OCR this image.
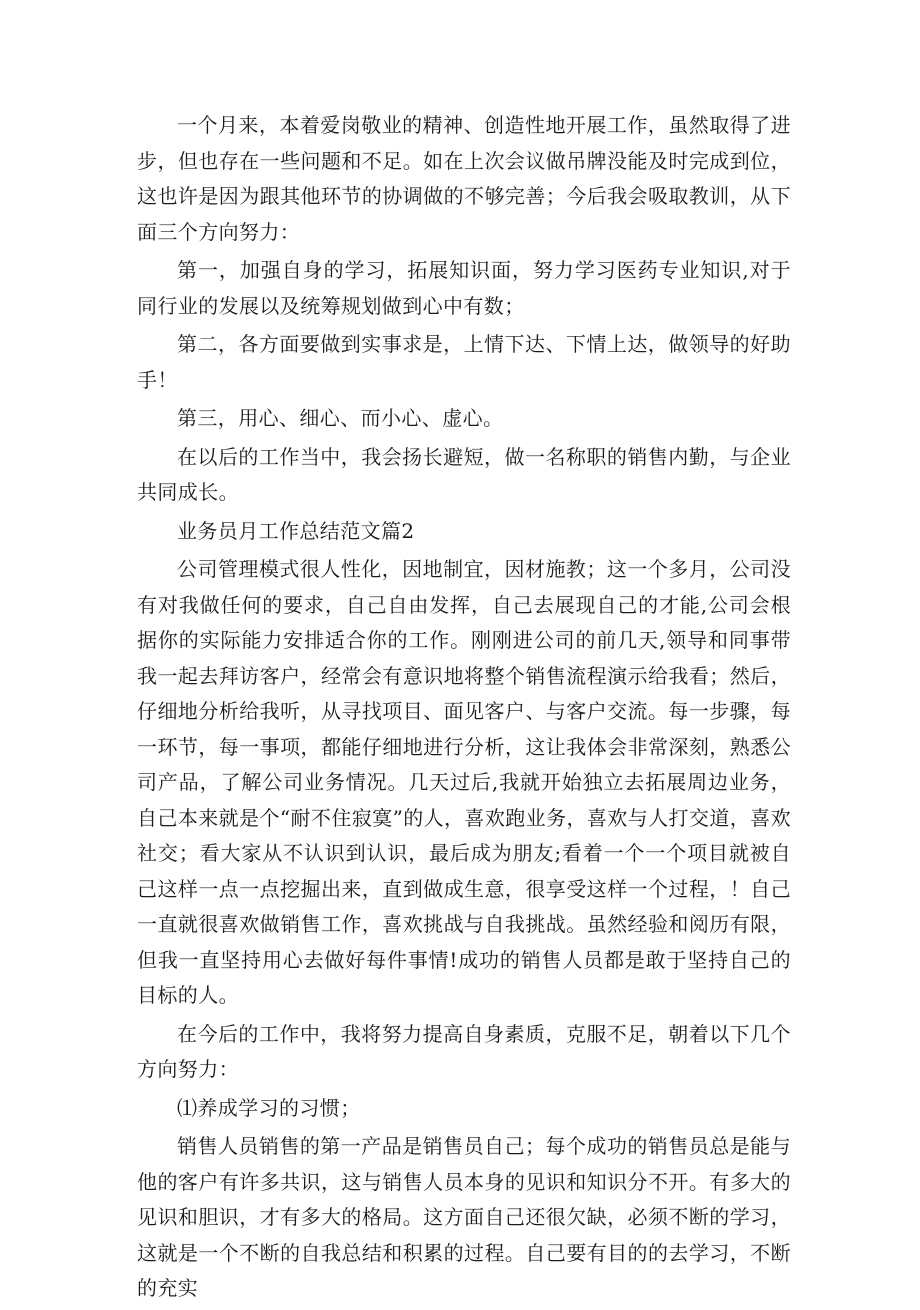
一个月来，本着爱岗敬业的精神、创造性地开展工作，虽然取得了进步，但也存在一些问题和不足。如在上次会议做吊牌没能及时完成到位，这也许是因为跟其他环节的协调做的不够完善；今后我会吸取教训，从下面三个方向努力：

第一，加强自身的学习，拓展知识面，努力学习医药专业知识,对于同行业的发展以及统筹规划做到心中有数；

第二，各方面要做到实事求是，上情下达、下情上达，做领导的好助手！

第三，用心、细心、而小心、虚心。

在以后的工作当中，我会扬长避短，做一名称职的销售内勤，与企业共同成长。

业务员月工作总结范文篇2

公司管理模式很人性化，因地制宜，因材施教；这一个多月，公司没有对我做任何的要求，自己自由发挥，自己去展现自己的才能,公司会根据你的实际能力安排适合你的工作。刚刚进公司的前几天,领导和同事带我一起去拜访客户，经常会有意识地将整个销售流程演示给我看；然后，仔细地分析给我听，从寻找项目、面见客户、与客户交流。每一步骤，每一环节，每一事项，都能仔细地进行分析，这让我体会非常深刻，熟悉公司产品，了解公司业务情况。几天过后,我就开始独立去拓展周边业务，自己本来就是个“耐不住寂寞”的人，喜欢跑业务，喜欢与人打交道，喜欢社交；看大家从不认识到认识，最后成为朋友;看着一个一个项目就被自己这样一点一点挖掘出来，直到做成生意，很享受这样一个过程，！自己一直就很喜欢做销售工作，喜欢挑战与自我挑战。虽然经验和阅历有限，但我一直坚持用心去做好每件事情!成功的销售人员都是敢于坚持自己的目标的人。

在今后的工作中，我将努力提高自身素质，克服不足，朝着以下几个方向努力：

⑴养成学习的习惯；

销售人员销售的第一产品是销售员自己；每个成功的销售员总是能与他的客户有许多共识，这与销售人员本身的见识和知识分不开。有多大的见识和胆识，才有多大的格局。这方面自己还很欠缺，必须不断的学习，这就是一个不断的自我总结和积累的过程。自己要有目的的去学习，不断的充实
